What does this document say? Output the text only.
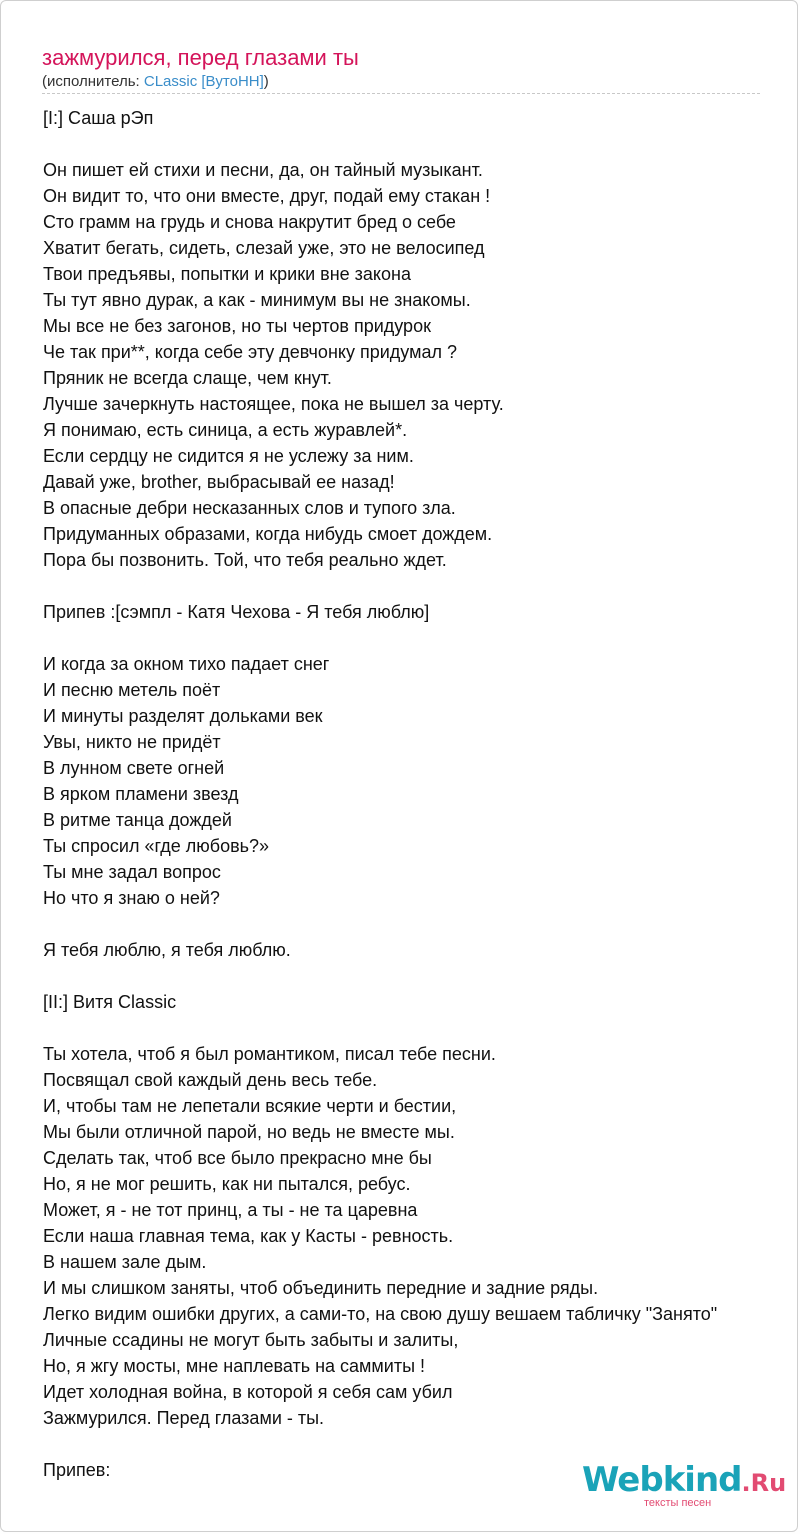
зажмурился, перед глазами ты
(исполнитель: CLassic [ВутоНН])
[I:] Саша рЭп
Он пишет ей стихи и песни, да, он тайный музыкант.
Он видит то, что они вместе, друг, подай ему стакан !
Сто грамм на грудь и снова накрутит бред о себе
Хватит бегать, сидеть, слезай уже, это не велосипед
Твои предъявы, попытки и крики вне закона
Ты тут явно дурак, а как - минимум вы не знакомы.
Мы все не без загонов, но ты чертов придурок
Че так при**, когда себе эту девчонку придумал ?
Пряник не всегда слаще, чем кнут.
Лучше зачеркнуть настоящее, пока не вышел за черту.
Я понимаю, есть синица, а есть журавлей*.
Если сердцу не сидится я не услежу за ним.
Давай уже, brother, выбрасывай ее назад!
В опасные дебри несказанных слов и тупого зла.
Придуманных образами, когда нибудь смоет дождем.
Пора бы позвонить. Той, что тебя реально ждет.
Припев :[сэмпл - Катя Чехова - Я тебя люблю]
И когда за окном тихо падает снег
И песню метель поёт
И минуты разделят дольками век
Увы, никто не придёт
В лунном свете огней
В ярком пламени звезд
В ритме танца дождей
Ты спросил «где любовь?»
Ты мне задал вопрос
Но что я знаю о ней?
Я тебя люблю, я тебя люблю.
[II:] Витя Classic
Ты хотела, чтоб я был романтиком, писал тебе песни.
Посвящал свой каждый день весь тебе.
И, чтобы там не лепетали всякие черти и бестии,
Мы были отличной парой, но ведь не вместе мы.
Сделать так, чтоб все было прекрасно мне бы
Но, я не мог решить, как ни пытался, ребус.
Может, я - не тот принц, а ты - не та царевна
Если наша главная тема, как у Касты - ревность.
В нашем зале дым.
И мы слишком заняты, чтоб объединить передние и задние ряды.
Легко видим ошибки других, а сами-то, на свою душу вешаем табличку "Занято"
Личные ссадины не могут быть забыты и залиты,
Но, я жгу мосты, мне наплевать на саммиты !
Идет холодная война, в которой я себя сам убил
Зажмурился. Перед глазами - ты.
Припев:	Webkind.Ru
тексты песен
